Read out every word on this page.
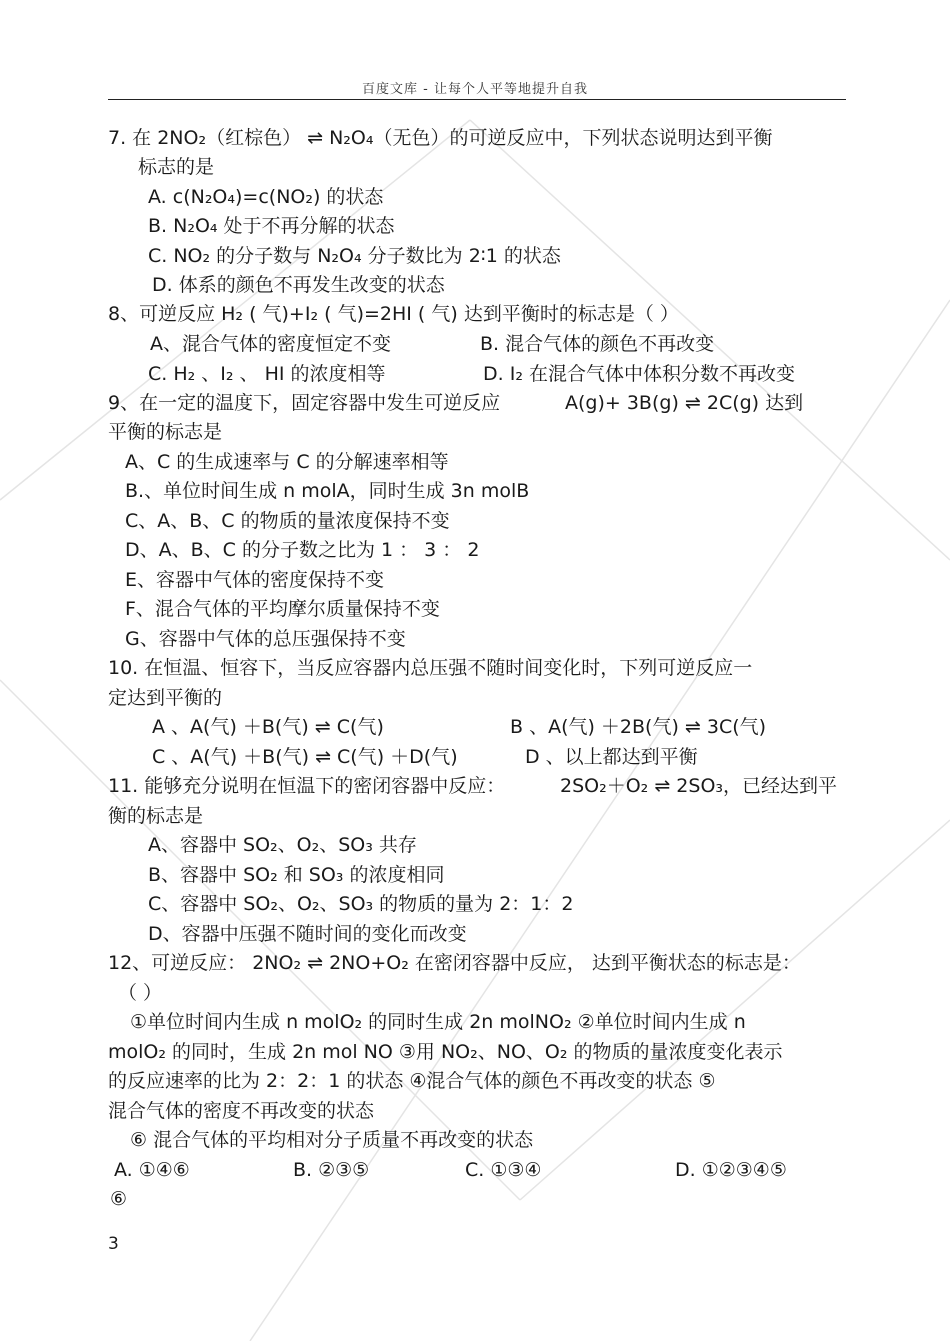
百度文库 - 让每个人平等地提升自我
7. 在 2NO₂（红棕色） ⇌ N₂O₄（无色）的可逆反应中，下列状态说明达到平衡
标志的是
A. c(N₂O₄)=c(NO₂) 的状态
B. N₂O₄ 处于不再分解的状态
C. NO₂ 的分子数与 N₂O₄ 分子数比为 2∶1 的状态
D. 体系的颜色不再发生改变的状态
8、可逆反应 H₂ ( 气)+I₂ ( 气)=2HI ( 气) 达到平衡时的标志是（ ）
A、混合气体的密度恒定不变	B. 混合气体的颜色不再改变
C. H₂ 、I₂ 、 HI 的浓度相等	D. I₂ 在混合气体中体积分数不再改变
9、在一定的温度下，固定容器中发生可逆反应	A(g)+ 3B(g) ⇌ 2C(g) 达到
平衡的标志是
A、C 的生成速率与 C 的分解速率相等
B.、单位时间生成 n molA，同时生成 3n molB
C、A、B、C 的物质的量浓度保持不变
D、A、B、C 的分子数之比为 1 ： 3 ： 2
E、容器中气体的密度保持不变
F、混合气体的平均摩尔质量保持不变
G、容器中气体的总压强保持不变
10. 在恒温、恒容下，当反应容器内总压强不随时间变化时，下列可逆反应一
定达到平衡的
A 、A(气) ＋B(气) ⇌ C(气)	B 、A(气) ＋2B(气) ⇌ 3C(气)
C 、A(气) ＋B(气) ⇌ C(气) ＋D(气)	D 、以上都达到平衡
11. 能够充分说明在恒温下的密闭容器中反应：	2SO₂＋O₂ ⇌ 2SO₃，已经达到平
衡的标志是
A、容器中 SO₂、O₂、SO₃ 共存
B、容器中 SO₂ 和 SO₃ 的浓度相同
C、容器中 SO₂、O₂、SO₃ 的物质的量为 2：1：2
D、容器中压强不随时间的变化而改变
12、可逆反应： 2NO₂ ⇌ 2NO+O₂ 在密闭容器中反应， 达到平衡状态的标志是：
（ ）
①单位时间内生成 n molO₂ 的同时生成 2n molNO₂ ②单位时间内生成 n
molO₂ 的同时，生成 2n mol NO ③用 NO₂、NO、O₂ 的物质的量浓度变化表示
的反应速率的比为 2：2：1 的状态 ④混合气体的颜色不再改变的状态 ⑤
混合气体的密度不再改变的状态
⑥ 混合气体的平均相对分子质量不再改变的状态
A. ①④⑥	B. ②③⑤	C. ①③④	D. ①②③④⑤
⑥
3
